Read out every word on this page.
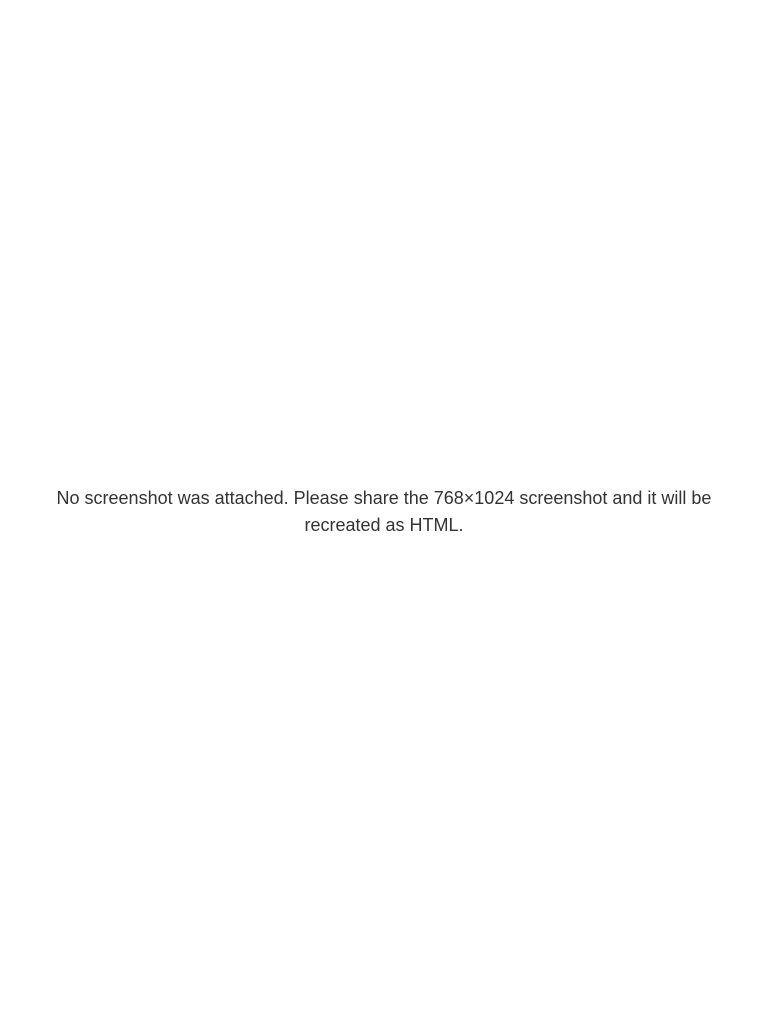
No screenshot was attached. Please share the 768×1024 screenshot and it will be recreated as HTML.
